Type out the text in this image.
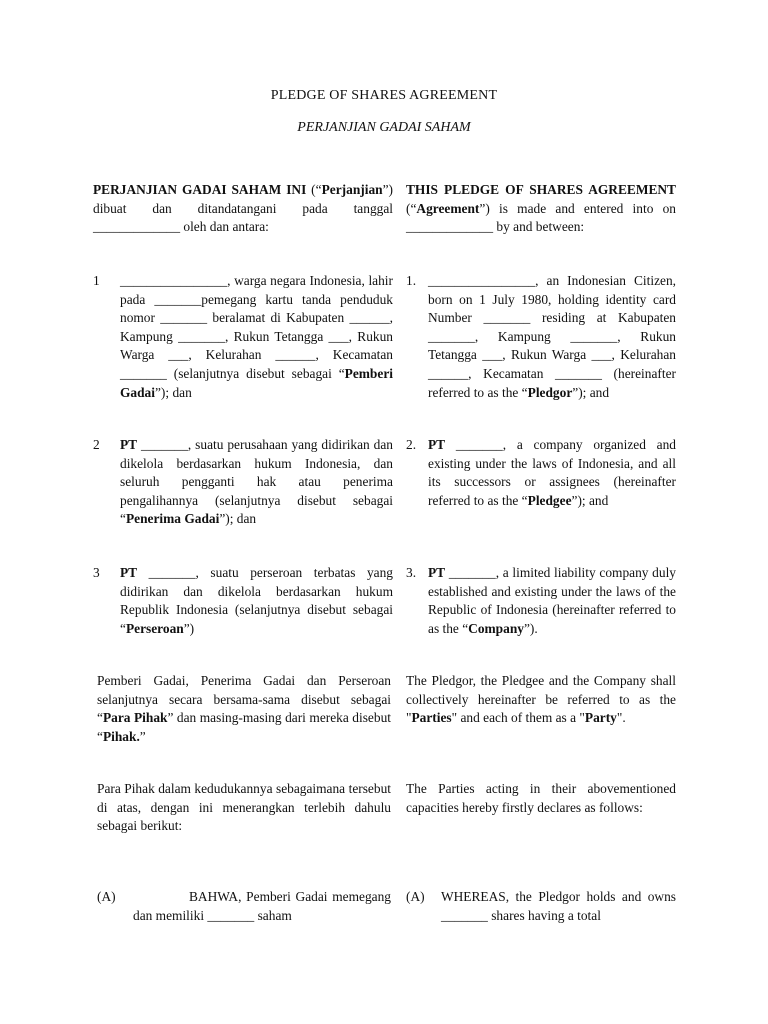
PLEDGE OF SHARES AGREEMENT
PERJANJIAN GADAI SAHAM
PERJANJIAN GADAI SAHAM INI (“Perjanjian”) dibuat dan ditandatangani pada tanggal _____________ oleh dan antara:
THIS PLEDGE OF SHARES AGREEMENT (“Agreement”) is made and entered into on _____________ by and between:
1	________________, warga negara Indonesia, lahir pada _______pemegang kartu tanda penduduk nomor _______ beralamat di Kabupaten ______, Kampung _______, Rukun Tetangga ___, Rukun Warga ___, Kelurahan ______, Kecamatan _______ (selanjutnya disebut sebagai “Pemberi Gadai”); dan
1. ________________, an Indonesian Citizen, born on 1 July 1980, holding identity card Number _______ residing at Kabupaten _______, Kampung _______, Rukun Tetangga ___, Rukun Warga ___, Kelurahan ______, Kecamatan _______ (hereinafter referred to as the “Pledgor”); and
2	PT _______, suatu perusahaan yang didirikan dan dikelola berdasarkan hukum Indonesia, dan seluruh pengganti hak atau penerima pengalihannya (selanjutnya disebut sebagai “Penerima Gadai”); dan
2. PT _______, a company organized and existing under the laws of Indonesia, and all its successors or assignees (hereinafter referred to as the “Pledgee”); and
3	PT _______, suatu perseroan terbatas yang didirikan dan dikelola berdasarkan hukum Republik Indonesia (selanjutnya disebut sebagai “Perseroan”)
3. PT _______, a limited liability company duly established and existing under the laws of the Republic of Indonesia (hereinafter referred to as the “Company”).
Pemberi Gadai, Penerima Gadai dan Perseroan selanjutnya secara bersama-sama disebut sebagai “Para Pihak” dan masing-masing dari mereka disebut “Pihak.”
The Pledgor, the Pledgee and the Company shall collectively hereinafter be referred to as the "Parties" and each of them as a "Party".
Para Pihak dalam kedudukannya sebagaimana tersebut di atas, dengan ini menerangkan terlebih dahulu sebagai berikut:
The Parties acting in their abovementioned capacities hereby firstly declares as follows:
(A)	BAHWA, Pemberi Gadai memegang dan memiliki _______ saham
(A) WHEREAS, the Pledgor holds and owns _______ shares having a total
